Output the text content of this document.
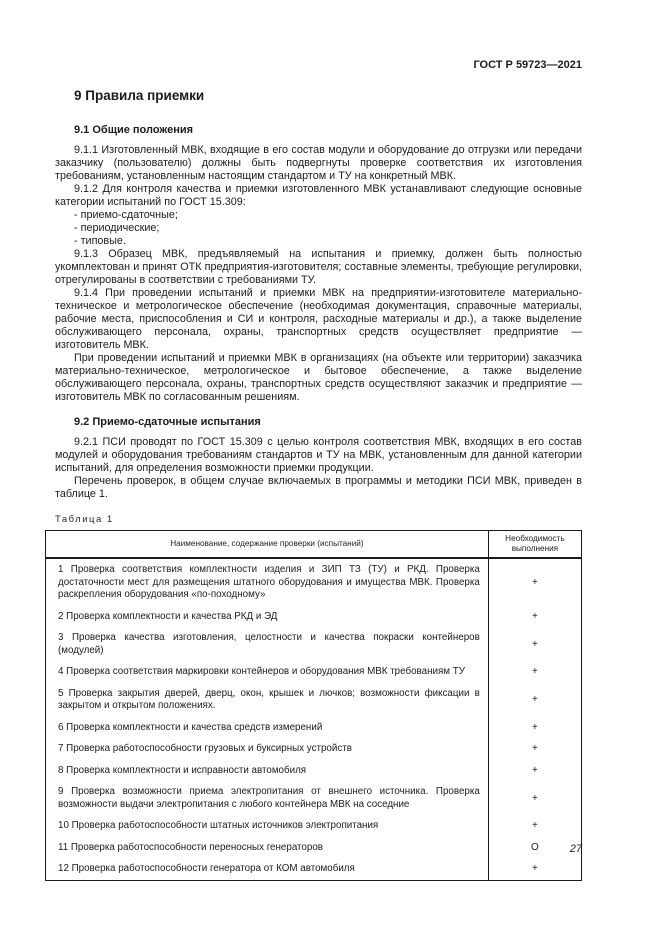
ГОСТ Р 59723—2021
9 Правила приемки
9.1 Общие положения

9.1.1 Изготовленный МВК, входящие в его состав модули и оборудование до отгрузки или передачи заказчику (пользователю) должны быть подвергнуты проверке соответствия их изготовления требованиям, установленным настоящим стандартом и ТУ на конкретный МВК.

9.1.2 Для контроля качества и приемки изготовленного МВК устанавливают следующие основные категории испытаний по ГОСТ 15.309:

- приемо-сдаточные;

- периодические;

- типовые.

9.1.3 Образец МВК, предъявляемый на испытания и приемку, должен быть полностью укомплектован и принят ОТК предприятия-изготовителя; составные элементы, требующие регулировки, отрегулированы в соответствии с требованиями ТУ.

9.1.4 При проведении испытаний и приемки МВК на предприятии-изготовителе материально-техническое и метрологическое обеспечение (необходимая документация, справочные материалы, рабочие места, приспособления и СИ и контроля, расходные материалы и др.), а также выделение обслуживающего персонала, охраны, транспортных средств осуществляет предприятие — изготовитель МВК.

При проведении испытаний и приемки МВК в организациях (на объекте или территории) заказчика материально-техническое, метрологическое и бытовое обеспечение, а также выделение обслуживающего персонала, охраны, транспортных средств осуществляют заказчик и предприятие — изготовитель МВК по согласованным решениям.

9.2 Приемо-сдаточные испытания

9.2.1 ПСИ проводят по ГОСТ 15.309 с целью контроля соответствия МВК, входящих в его состав модулей и оборудования требованиям стандартов и ТУ на МВК, установленным для данной категории испытаний, для определения возможности приемки продукции.

Перечень проверок, в общем случае включаемых в программы и методики ПСИ МВК, приведен в таблице 1.

Таблица 1
Наименование, содержание проверки (испытаний)	Необходимость выполнения
1 Проверка соответствия комплектности изделия и ЗИП ТЗ (ТУ) и РКД. Проверка достаточности мест для размещения штатного оборудования и имущества МВК. Проверка раскрепления оборудования «по-походному»	+
2 Проверка комплектности и качества РКД и ЭД	+
3 Проверка качества изготовления, целостности и качества покраски контейнеров (модулей)	+
4 Проверка соответствия маркировки контейнеров и оборудования МВК требованиям ТУ	+
5 Проверка закрытия дверей, дверц, окон, крышек и лючков; возможности фиксации в закрытом и открытом положениях.	+
6 Проверка комплектности и качества средств измерений	+
7 Проверка работоспособности грузовых и буксирных устройств	+
8 Проверка комплектности и исправности автомобиля	+
9 Проверка возможности приема электропитания от внешнего источника. Проверка возможности выдачи электропитания с любого контейнера МВК на соседние	+
10 Проверка работоспособности штатных источников электропитания	+
11 Проверка работоспособности переносных генераторов	О
12 Проверка работоспособности генератора от КОМ автомобиля	+
27
